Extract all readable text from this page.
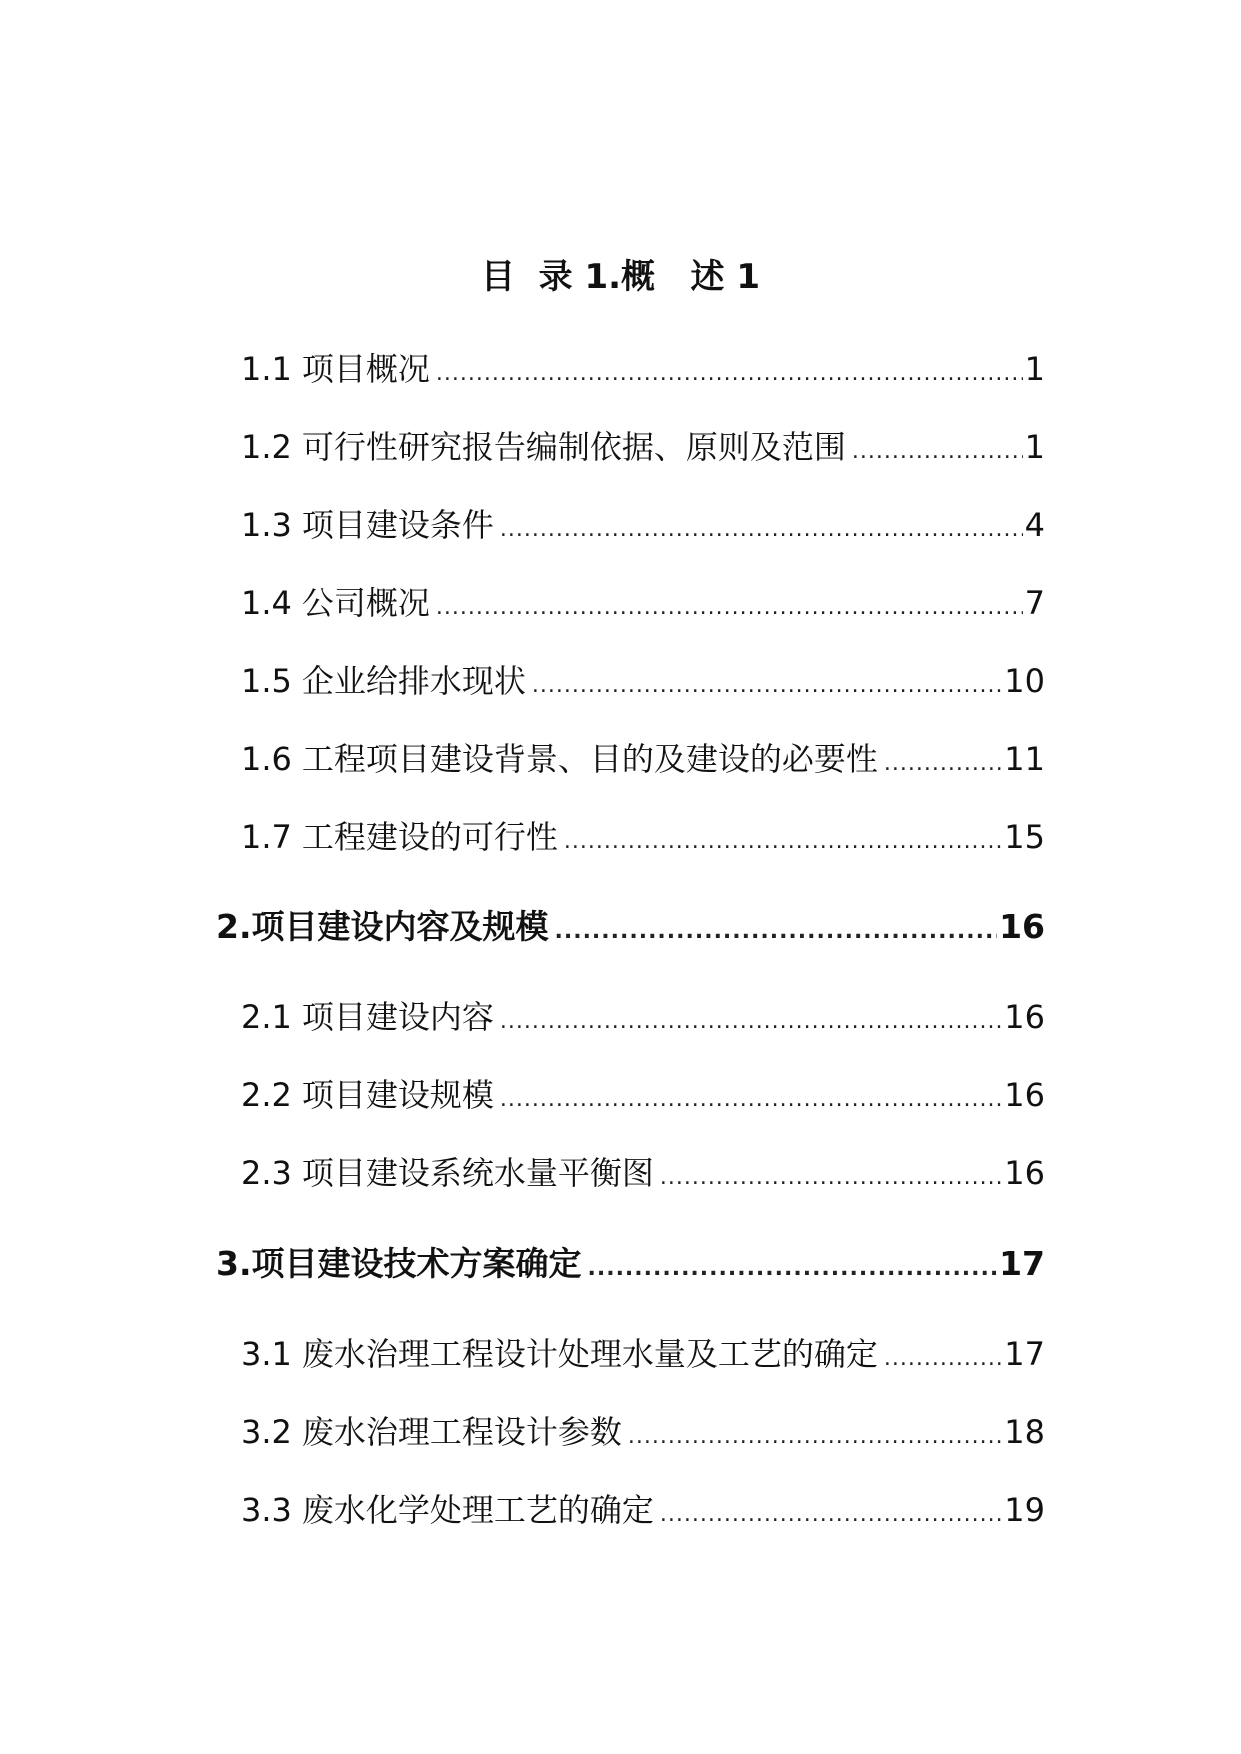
目  录 1.概   述 1
1.1 项目概况 .....	1
1.2 可行性研究报告编制依据、原则及范围 .....	1
1.3 项目建设条件 .....	4
1.4 公司概况 .....	7
1.5 企业给排水现状 .....	10
1.6 工程项目建设背景、目的及建设的必要性 .....	11
1.7 工程建设的可行性 .....	15
2. 项目建设内容及规模 .....	16
2.1 项目建设内容 .....	16
2.2 项目建设规模 .....	16
2.3 项目建设系统水量平衡图 .....	16
3. 项目建设技术方案确定 .....	17
3.1 废水治理工程设计处理水量及工艺的确定 .....	17
3.2 废水治理工程设计参数 .....	18
3.3 废水化学处理工艺的确定 .....	19
